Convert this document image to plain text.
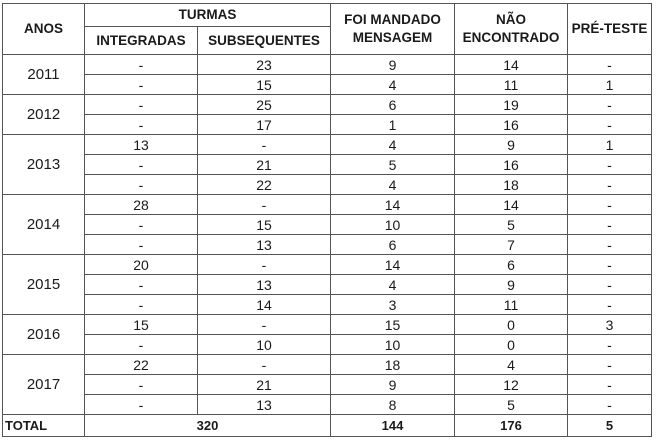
ANOS	TURMAS		FOI MANDADO MENSAGEM	NÃO ENCONTRADO	PRÉ-TESTE
	INTEGRADAS	SUBSEQUENTES			
2011	-	23	9	14	-
	-	15	4	11	1
2012	-	25	6	19	-
	-	17	1	16	-
2013	13	-	4	9	1
	-	21	5	16	-
	-	22	4	18	-
2014	28	-	14	14	-
	-	15	10	5	-
	-	13	6	7	-
2015	20	-	14	6	-
	-	13	4	9	-
	-	14	3	11	-
2016	15	-	15	0	3
	-	10	10	0	-
2017	22	-	18	4	-
	-	21	9	12	-
	-	13	8	5	-
TOTAL	320		144	176	5
